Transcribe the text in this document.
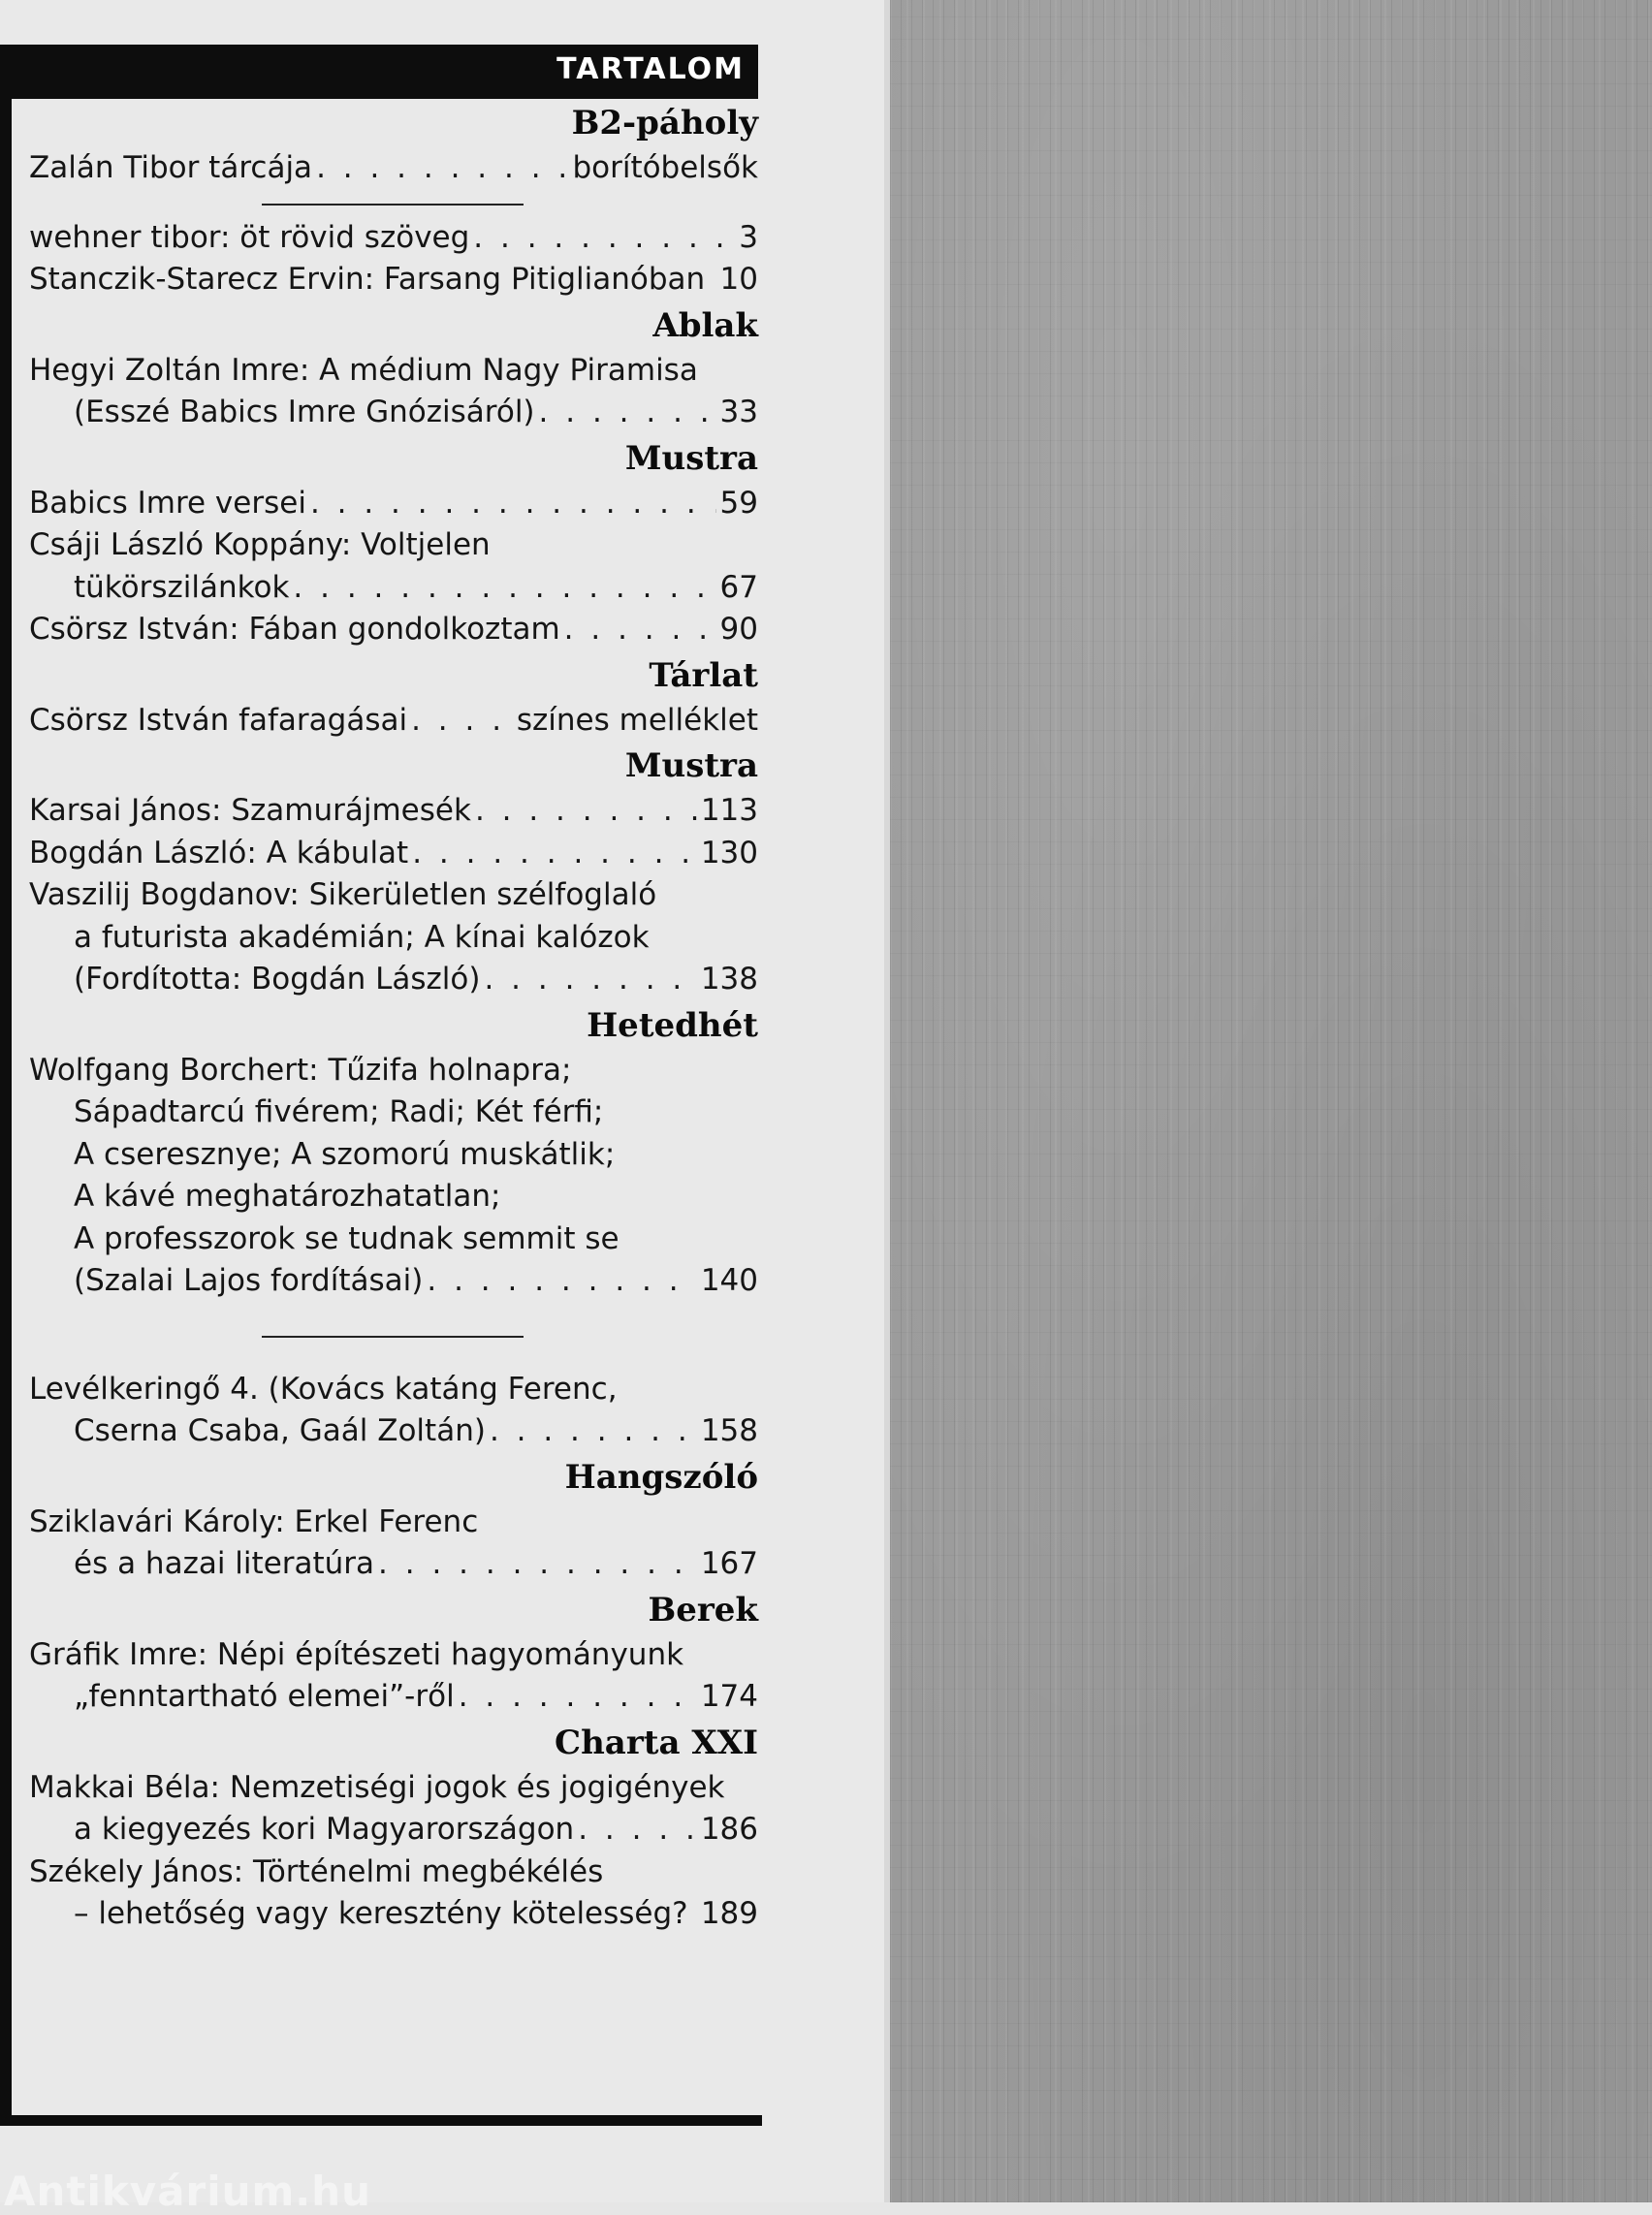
TARTALOM
B2-páholy
Zalán Tibor tárcája . . .	borítóbelsők
wehner tibor: öt rövid szöveg . . .	3
Stanczik-Starecz Ervin: Farsang Pitiglianóban 10
Ablak
Hegyi Zoltán Imre: A médium Nagy Piramisa
(Esszé Babics Imre Gnózisáról) . . .	33
Mustra
Babics Imre versei . . .	59
Csáji László Koppány: Voltjelen
tükörszilánkok . . .	67
Csörsz István: Fában gondolkoztam . . .	90
Tárlat
Csörsz István fafaragásai . . .	színes melléklet
Mustra
Karsai János: Szamurájmesék . . .	113
Bogdán László: A kábulat . . .	130
Vaszilij Bogdanov: Sikerületlen szélfoglaló
a futurista akadémián; A kínai kalózok
(Fordította: Bogdán László) . . .	138
Hetedhét
Wolfgang Borchert: Tűzifa holnapra;
Sápadtarcú fivérem; Radi; Két férfi;
A cseresznye; A szomorú muskátlik;
A kávé meghatározhatatlan;
A professzorok se tudnak semmit se
(Szalai Lajos fordításai) . . .	140
Levélkeringő 4. (Kovács katáng Ferenc,
Cserna Csaba, Gaál Zoltán) . . .	158
Hangszóló
Sziklavári Károly: Erkel Ferenc
és a hazai literatúra . . .	167
Berek
Gráfik Imre: Népi építészeti hagyományunk
„fenntartható elemei”-ről . . .	174
Charta XXI
Makkai Béla: Nemzetiségi jogok és jogigények
a kiegyezés kori Magyarországon . . .	186
Székely János: Történelmi megbékélés
– lehetőség vagy keresztény kötelesség? 189
Antikvárium.hu
